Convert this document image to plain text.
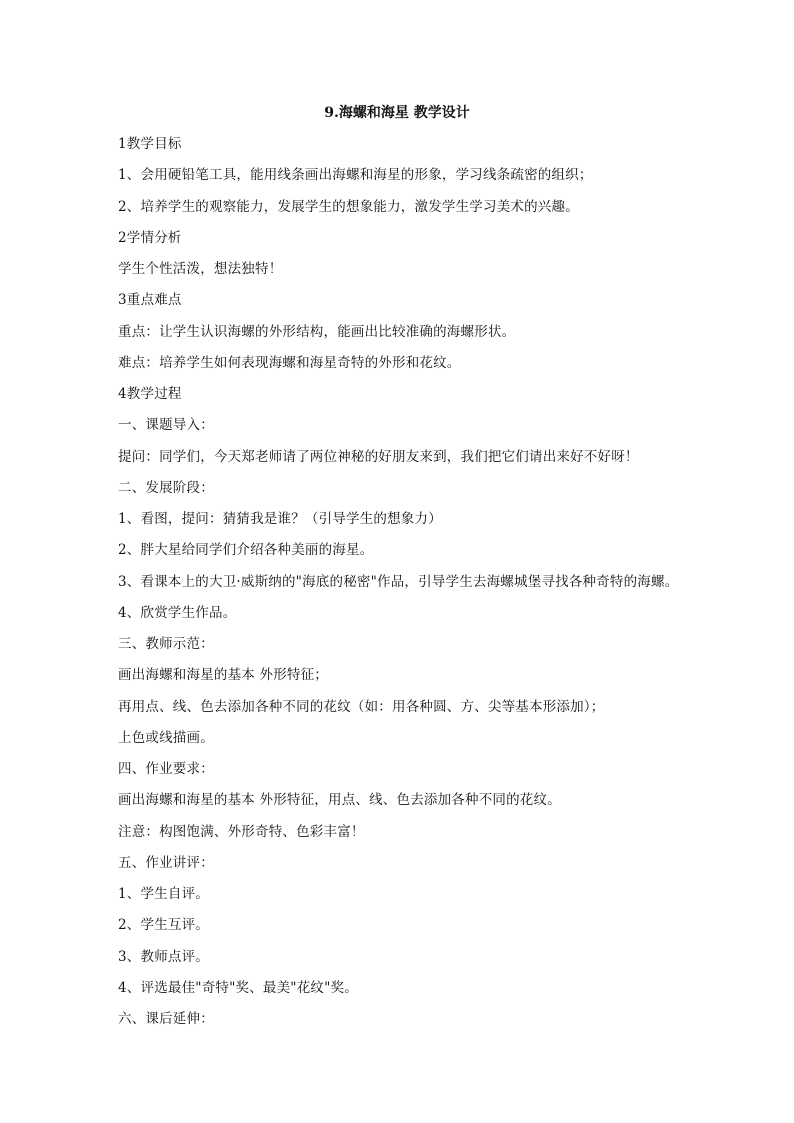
9.海螺和海星 教学设计
1教学目标
1、会用硬铅笔工具，能用线条画出海螺和海星的形象，学习线条疏密的组织；
2、培养学生的观察能力，发展学生的想象能力，激发学生学习美术的兴趣。
2学情分析
学生个性活泼，想法独特！
3重点难点
重点：让学生认识海螺的外形结构，能画出比较准确的海螺形状。
难点：培养学生如何表现海螺和海星奇特的外形和花纹。
4教学过程
一、课题导入：
提问：同学们，今天郑老师请了两位神秘的好朋友来到，我们把它们请出来好不好呀！
二、发展阶段：
1、看图，提问：猜猜我是谁？（引导学生的想象力）
2、胖大星给同学们介绍各种美丽的海星。
3、看课本上的大卫·威斯纳的"海底的秘密"作品，引导学生去海螺城堡寻找各种奇特的海螺。
4、欣赏学生作品。
三、教师示范：
画出海螺和海星的基本 外形特征；
再用点、线、色去添加各种不同的花纹（如：用各种圆、方、尖等基本形添加）；
上色或线描画。
四、作业要求：
画出海螺和海星的基本 外形特征，用点、线、色去添加各种不同的花纹。
注意：构图饱满、外形奇特、色彩丰富！
五、作业讲评：
1、学生自评。
2、学生互评。
3、教师点评。
4、评选最佳"奇特"奖、最美"花纹"奖。
六、课后延伸：
